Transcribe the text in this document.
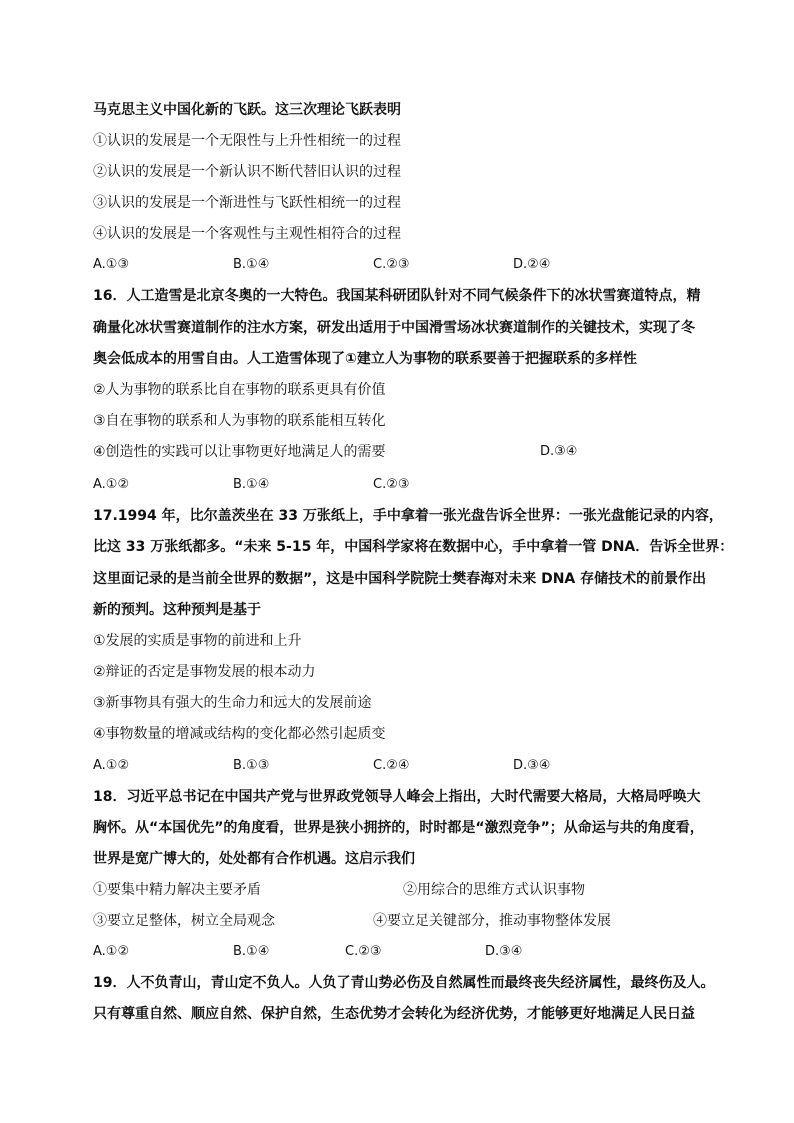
马克思主义中国化新的飞跃。这三次理论飞跃表明
①认识的发展是一个无限性与上升性相统一的过程
②认识的发展是一个新认识不断代替旧认识的过程
③认识的发展是一个渐进性与飞跃性相统一的过程
④认识的发展是一个客观性与主观性相符合的过程
A.①③	B.①④	C.②③	D.②④
16．人工造雪是北京冬奥的一大特色。我国某科研团队针对不同气候条件下的冰状雪赛道特点，精
确量化冰状雪赛道制作的注水方案，研发出适用于中国滑雪场冰状赛道制作的关键技术，实现了冬
奥会低成本的用雪自由。人工造雪体现了①建立人为事物的联系要善于把握联系的多样性
②人为事物的联系比自在事物的联系更具有价值
③自在事物的联系和人为事物的联系能相互转化
④创造性的实践可以让事物更好地满足人的需要	D.③④
A.①②	B.①④	C.②③
17.1994 年，比尔盖茨坐在 33 万张纸上，手中拿着一张光盘告诉全世界：一张光盘能记录的内容，
比这 33 万张纸都多。“未来 5-15 年，中国科学家将在数据中心，手中拿着一管 DNA．告诉全世界：
这里面记录的是当前全世界的数据”，这是中国科学院院士樊春海对未来 DNA 存储技术的前景作出
新的预判。这种预判是基于
①发展的实质是事物的前进和上升
②辩证的否定是事物发展的根本动力
③新事物具有强大的生命力和远大的发展前途
④事物数量的增减或结构的变化都必然引起质变
A.①②	B.①③	C.②④	D.③④
18．习近平总书记在中国共产党与世界政党领导人峰会上指出，大时代需要大格局，大格局呼唤大
胸怀。从“本国优先”的角度看，世界是狭小拥挤的，时时都是“激烈竞争”；从命运与共的角度看，
世界是宽广博大的，处处都有合作机遇。这启示我们
①要集中精力解决主要矛盾	②用综合的思维方式认识事物
③要立足整体，树立全局观念	④要立足关键部分，推动事物整体发展
A.①②	B.①④	C.②③	D.③④
19．人不负青山，青山定不负人。人负了青山势必伤及自然属性而最终丧失经济属性，最终伤及人。
只有尊重自然、顺应自然、保护自然，生态优势才会转化为经济优势，才能够更好地满足人民日益
